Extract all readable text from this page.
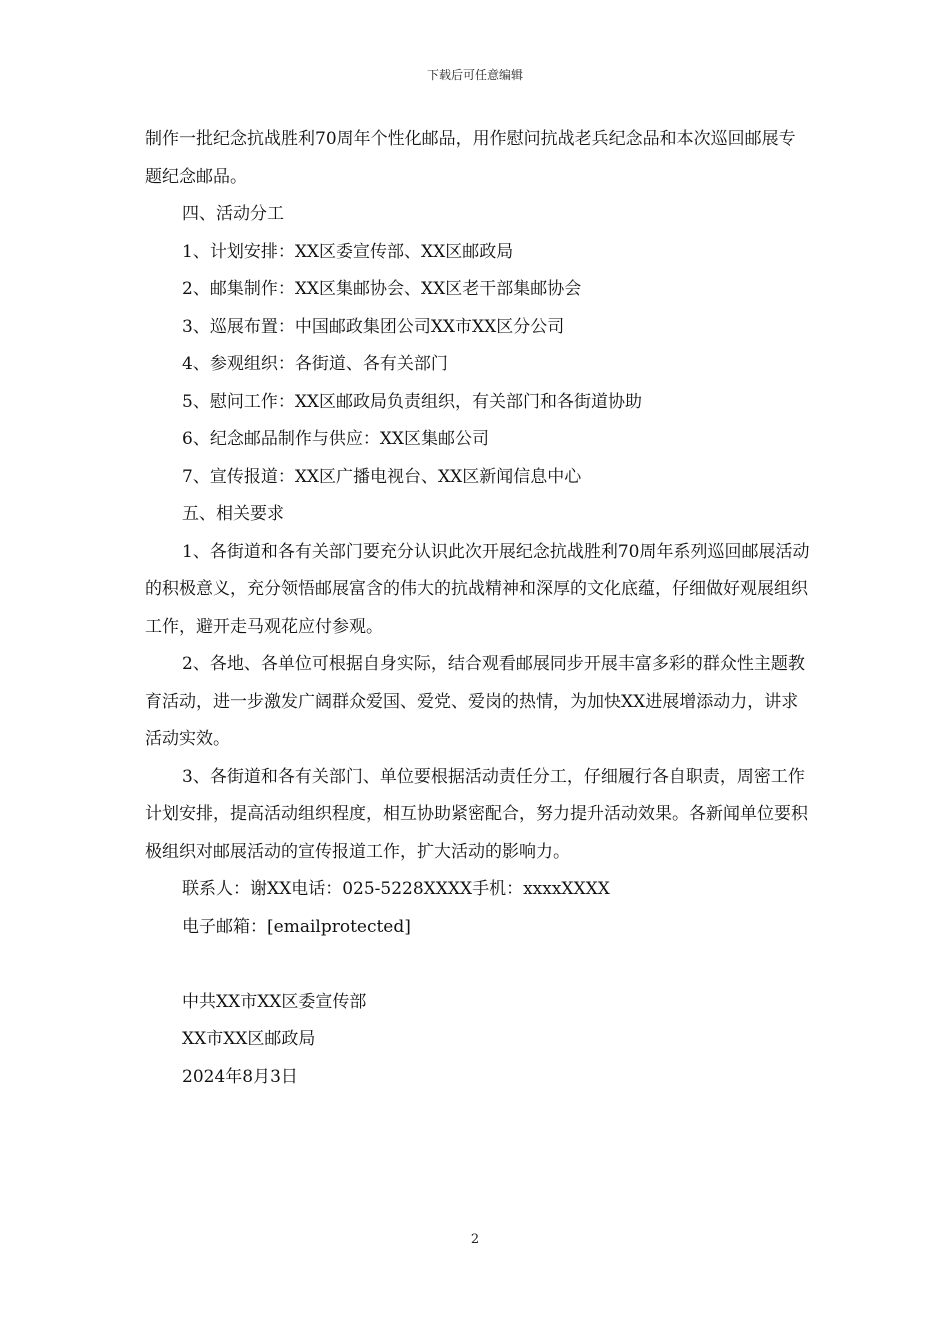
下载后可任意编辑

制作一批纪念抗战胜利70周年个性化邮品，用作慰问抗战老兵纪念品和本次巡回邮展专题纪念邮品。

四、活动分工

1、计划安排：XX区委宣传部、XX区邮政局

2、邮集制作：XX区集邮协会、XX区老干部集邮协会

3、巡展布置：中国邮政集团公司XX市XX区分公司

4、参观组织：各街道、各有关部门

5、慰问工作：XX区邮政局负责组织，有关部门和各街道协助

6、纪念邮品制作与供应：XX区集邮公司

7、宣传报道：XX区广播电视台、XX区新闻信息中心

五、相关要求

1、各街道和各有关部门要充分认识此次开展纪念抗战胜利70周年系列巡回邮展活动的积极意义，充分领悟邮展富含的伟大的抗战精神和深厚的文化底蕴，仔细做好观展组织工作，避开走马观花应付参观。

2、各地、各单位可根据自身实际，结合观看邮展同步开展丰富多彩的群众性主题教育活动，进一步激发广阔群众爱国、爱党、爱岗的热情，为加快XX进展增添动力，讲求活动实效。

3、各街道和各有关部门、单位要根据活动责任分工，仔细履行各自职责，周密工作计划安排，提高活动组织程度，相互协助紧密配合，努力提升活动效果。各新闻单位要积极组织对邮展活动的宣传报道工作，扩大活动的影响力。

联系人：谢XX电话：025-5228XXXX手机：xxxxXXXX

电子邮箱：[emailprotected]

中共XX市XX区委宣传部

XX市XX区邮政局

2024年8月3日

2
